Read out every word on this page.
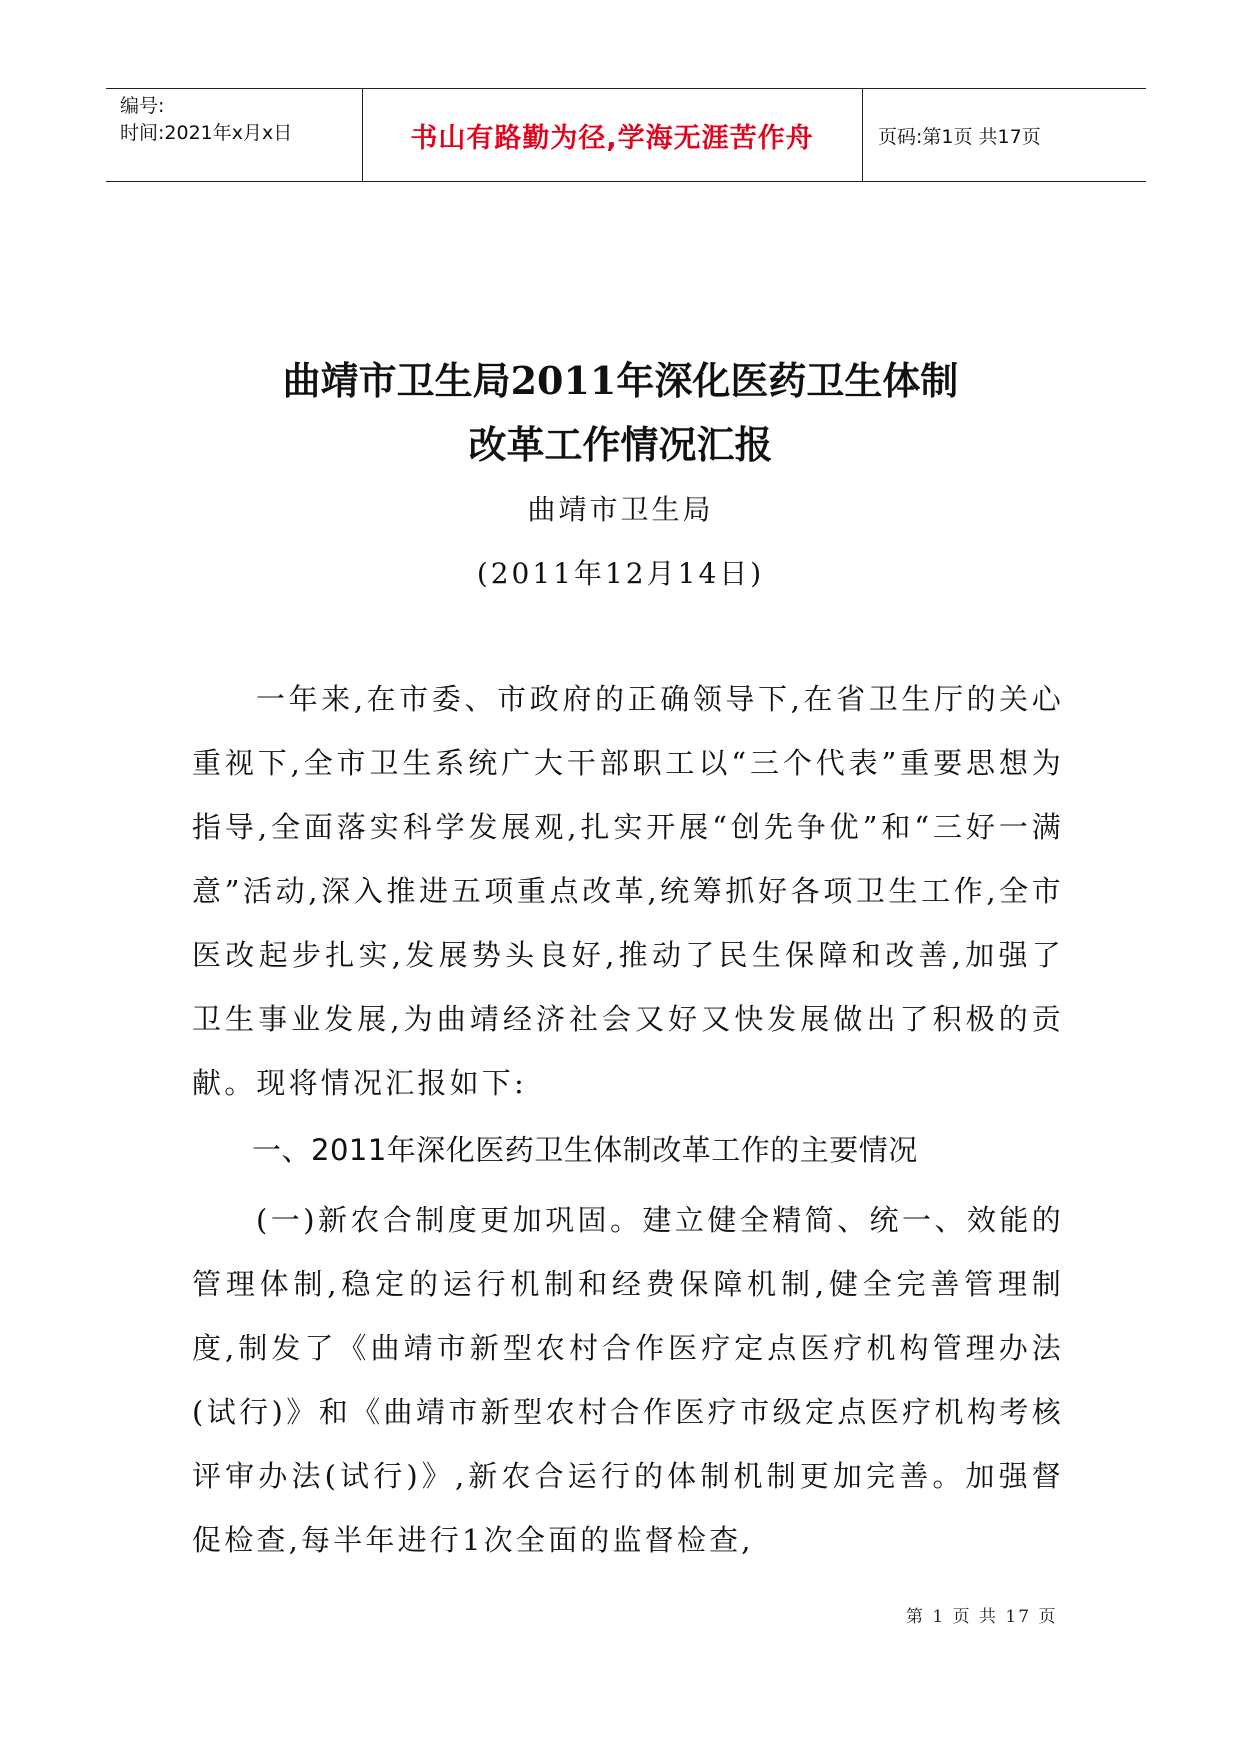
编号:
时间:2021年x月x日	书山有路勤为径,学海无涯苦作舟	页码:第1页 共17页
曲靖市卫生局2011年深化医药卫生体制
改革工作情况汇报
曲靖市卫生局
(2011年12月14日)

一年来,在市委、市政府的正确领导下,在省卫生厅的关心重视下,全市卫生系统广大干部职工以“三个代表”重要思想为指导,全面落实科学发展观,扎实开展“创先争优”和“三好一满意”活动,深入推进五项重点改革,统筹抓好各项卫生工作,全市医改起步扎实,发展势头良好,推动了民生保障和改善,加强了卫生事业发展,为曲靖经济社会又好又快发展做出了积极的贡献。现将情况汇报如下:

一、2011年深化医药卫生体制改革工作的主要情况

(一)新农合制度更加巩固。建立健全精简、统一、效能的管理体制,稳定的运行机制和经费保障机制,健全完善管理制度,制发了《曲靖市新型农村合作医疗定点医疗机构管理办法(试行)》和《曲靖市新型农村合作医疗市级定点医疗机构考核评审办法(试行)》,新农合运行的体制机制更加完善。加强督促检查,每半年进行1次全面的监督检查,

第 1 页 共 17 页
